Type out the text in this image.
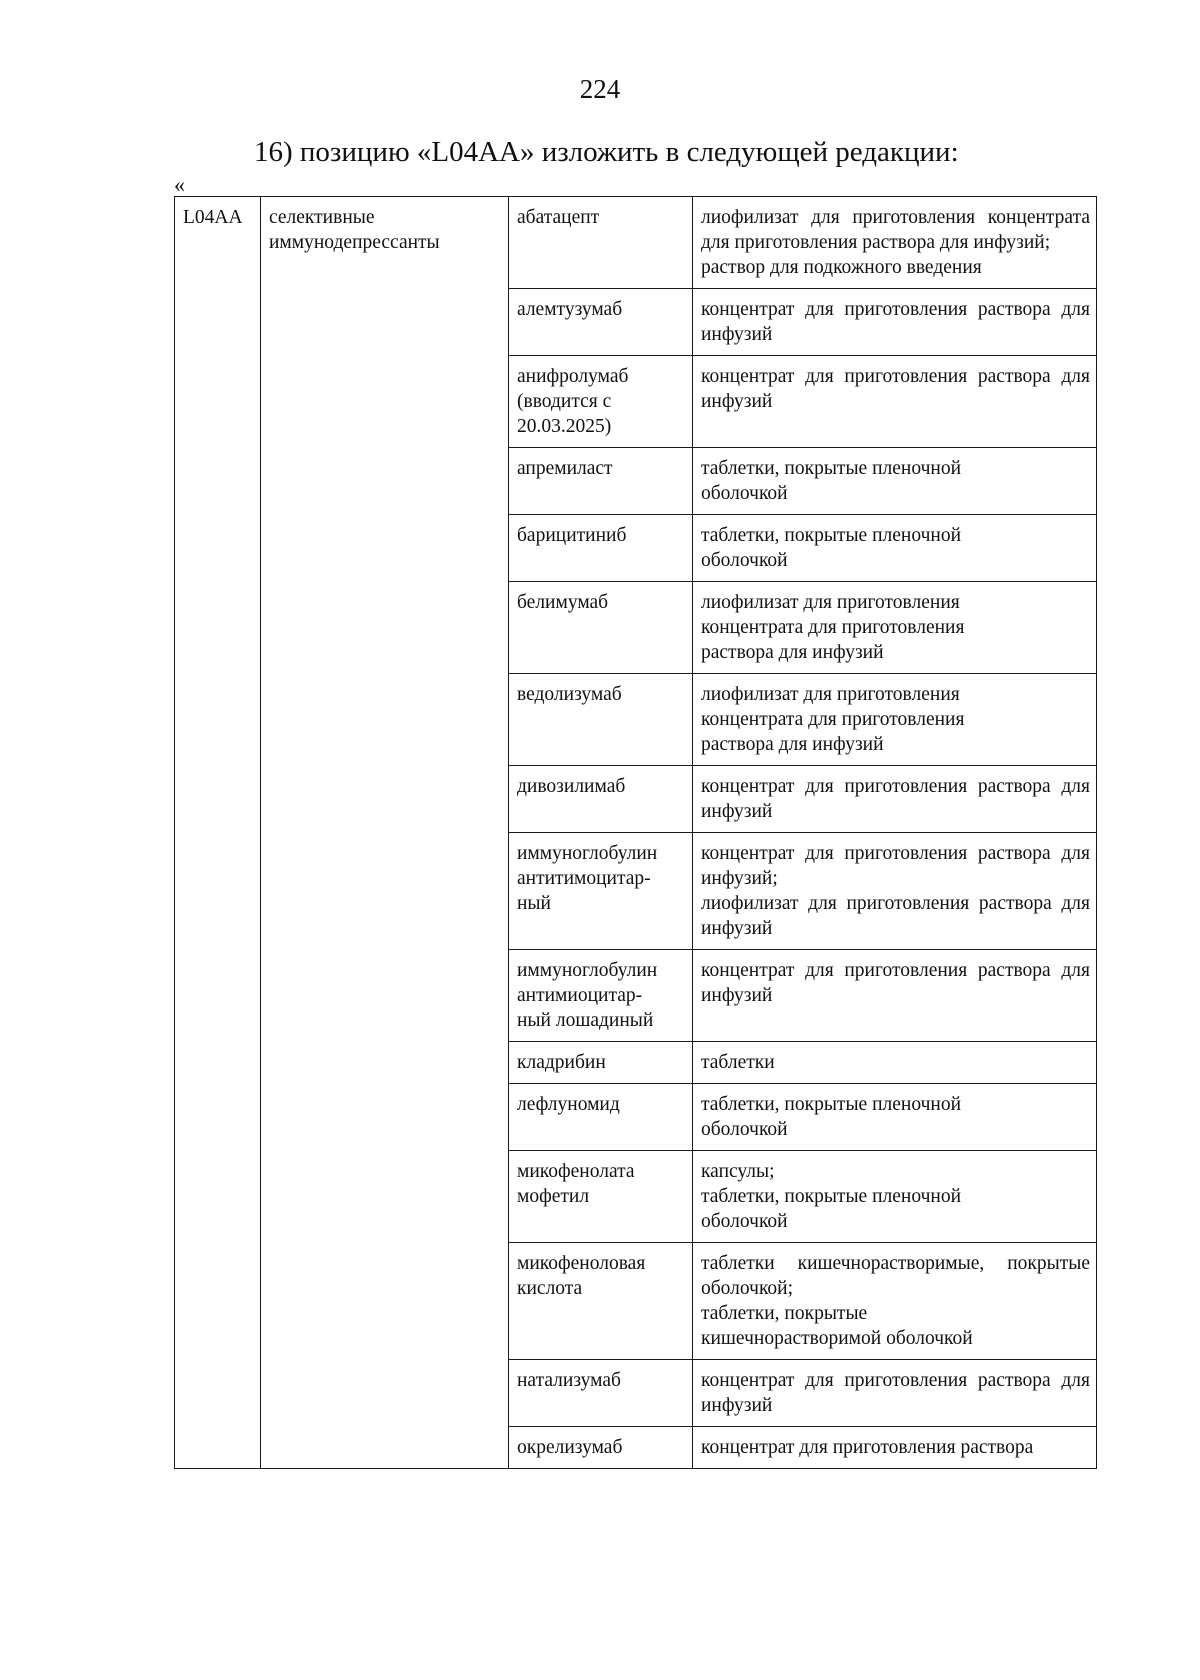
224
16) позицию «L04AA» изложить в следующей редакции:
«
L04AA	селективные
иммунодепрессанты	абатацепт	лиофилизат для приготовления концентрата для приготовления раствора для инфузий;
раствор для подкожного введения
		алемтузумаб	концентрат для приготовления раствора для инфузий
		анифролумаб
(вводится с
20.03.2025)	концентрат для приготовления раствора для инфузий
		апремиласт	таблетки, покрытые пленочной
оболочкой
		барицитиниб	таблетки, покрытые пленочной
оболочкой
		белимумаб	лиофилизат для приготовления
концентрата для приготовления
раствора для инфузий
		ведолизумаб	лиофилизат для приготовления
концентрата для приготовления
раствора для инфузий
		дивозилимаб	концентрат для приготовления раствора для инфузий
		иммуноглобулин
антитимоцитар-
ный	концентрат для приготовления раствора для инфузий;
лиофилизат для приготовления раствора для инфузий
		иммуноглобулин
антимиоцитар-
ный лошадиный	концентрат для приготовления раствора для инфузий
		кладрибин	таблетки
		лефлуномид	таблетки, покрытые пленочной
оболочкой
		микофенолата
мофетил	капсулы;
таблетки, покрытые пленочной
оболочкой
		микофеноловая
кислота	таблетки кишечнорастворимые, покрытые оболочкой;
таблетки, покрытые
кишечнорастворимой оболочкой
		натализумаб	концентрат для приготовления раствора для инфузий
		окрелизумаб	концентрат для приготовления раствора
